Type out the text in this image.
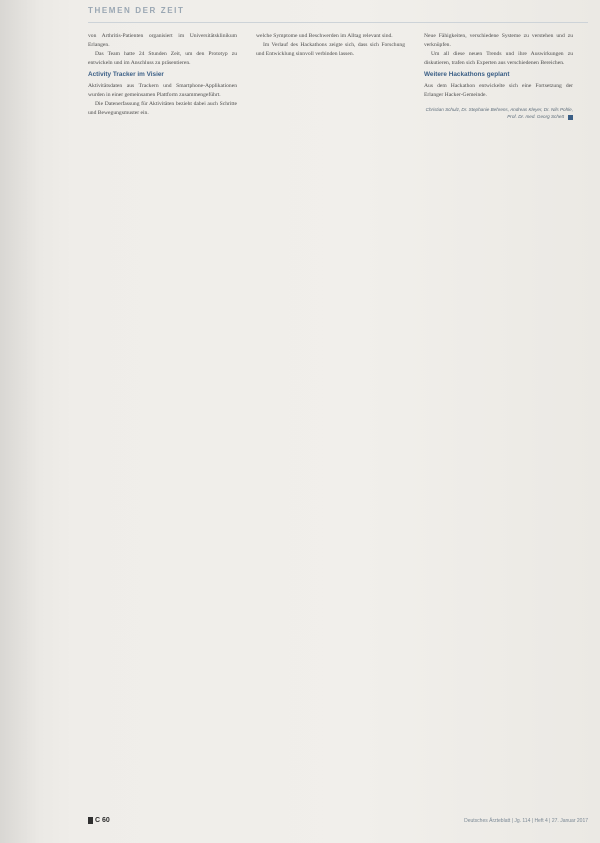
THEMEN DER ZEIT

von Arthritis-Patienten organisiert im Universitätsklinikum Erlangen.

Das Team hatte 24 Stunden Zeit, um den Prototyp zu entwickeln und im Anschluss zu präsentieren.

Activity Tracker im Visier

Aktivitätsdaten aus Trackern und Smartphone-Applikationen wurden in einer gemeinsamen Plattform zusammengeführt.

Die Datenerfassung für Aktivitäten bezieht dabei auch Schritte und Bewegungsmuster ein.

welche Symptome und Beschwerden im Alltag relevant sind.

Im Verlauf des Hackathons zeigte sich, dass sich Forschung und Entwicklung sinnvoll verbinden lassen.

Neue Fähigkeiten, verschiedene Systeme zu verstehen und zu verknüpfen.

Um all diese neuen Trends und ihre Auswirkungen zu diskutieren, trafen sich Experten aus verschiedenen Bereichen.

Weitere Hackathons geplant

Aus dem Hackathon entwickelte sich eine Fortsetzung der Erlanger Hacker-Gemeinde.

Christian Schulz, Dr. Stephanie Behrens, Andreas Kleyer, Dr. Nils Pohle, Prof. Dr. med. Georg Schett
C 60	Deutsches Ärzteblatt | Jg. 114 | Heft 4 | 27. Januar 2017
